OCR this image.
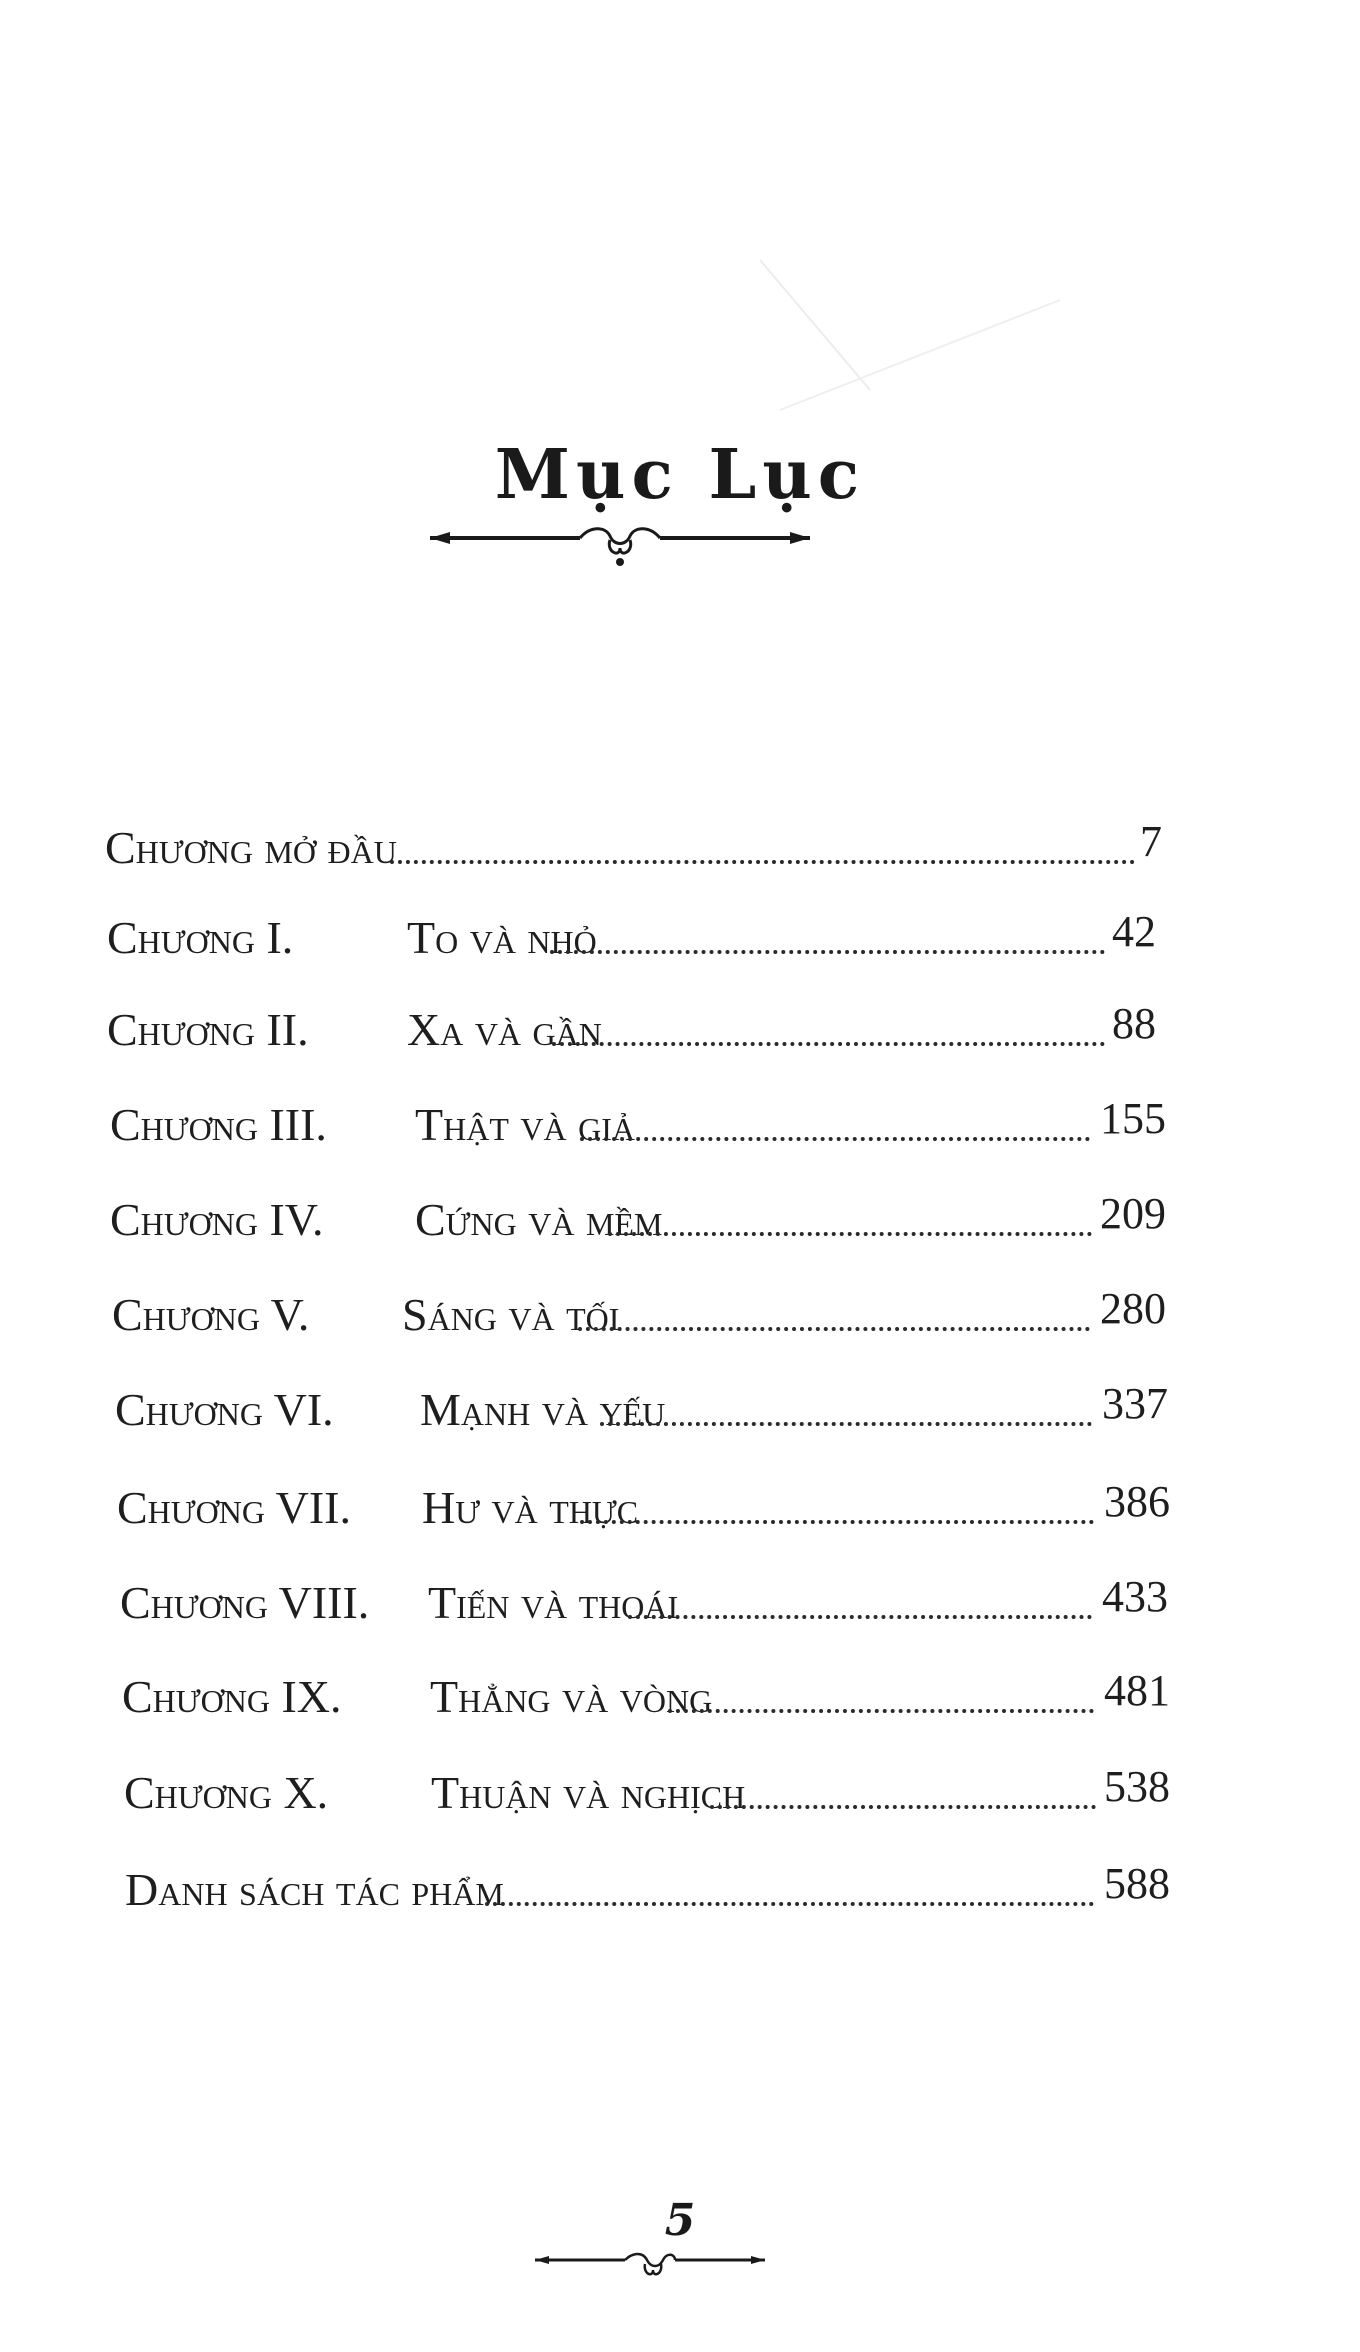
Mục Lục
Chương mở đầu	7
Chương I. To và nhỏ	42
Chương II. Xa và gần	88
Chương III. Thật và giả	155
Chương IV. Cứng và mềm	209
Chương V. Sáng và tối	280
Chương VI. Mạnh và yếu	337
Chương VII. Hư và thực	386
Chương VIII. Tiến và thoái	433
Chương IX. Thẳng và vòng	481
Chương X. Thuận và nghịch	538
Danh sách tác phẩm	588
5
